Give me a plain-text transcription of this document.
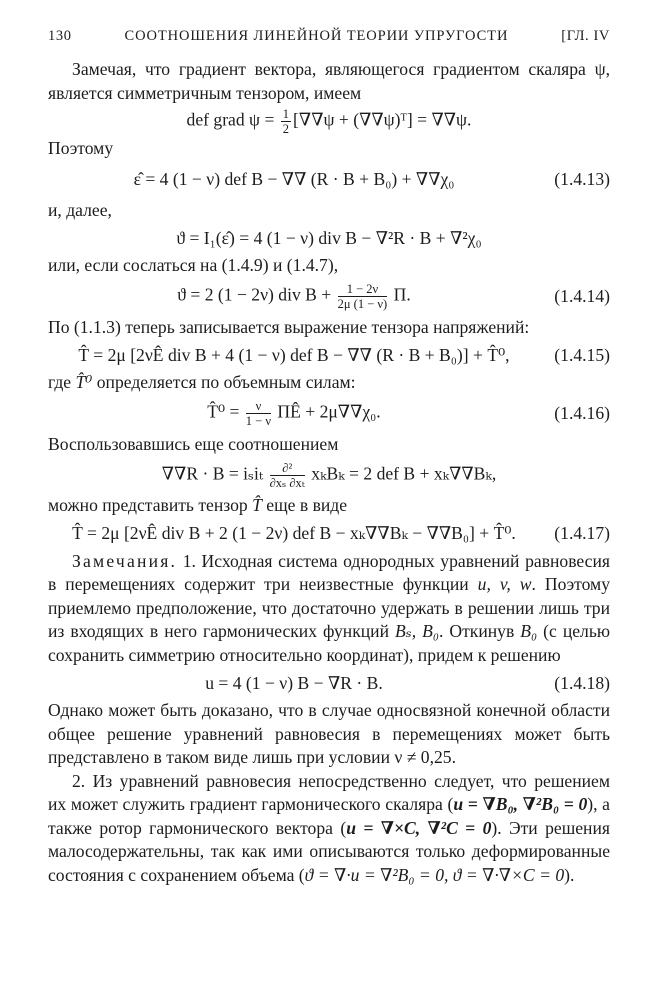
130	СООТНОШЕНИЯ ЛИНЕЙНОЙ ТЕОРИИ УПРУГОСТИ	[ГЛ. IV

Замечая, что градиент вектора, являющегося градиентом скаляра ψ, является симметричным тензором, имеем

def grad $\psi = \frac{1}{2} [\nabla\nabla\psi$ + (∇∇ψ)ᵀ] = ∇∇ψ.

Поэтому

ε̂ = 4 (1 − ν) def B − ∇∇ (R · B + B₀) + ∇∇χ₀	(1.4.13)

и, далее,

ϑ = I₁(ε̂) = 4 (1 − ν) div B − ∇²R · B + ∇²χ₀

или, если сослаться на (1.4.9) и (1.4.7),

ϑ = 2 (1 − 2ν) div $B + \frac{1 - 2\nu}{2\mu (1 - \nu)} \Pi$.	(1.4.14)

По (1.1.3) теперь записывается выражение тензора напряжений:

T̂ = 2μ [2νÊ div B + 4 (1 − ν) def B − ∇∇ (R · B + B₀)] + T̂⁰,	(1.4.15)

где T̂⁰ определяется по объемным силам:

T̂⁰ = $\frac{\nu}{1 - \nu}$ ΠÊ + 2μ∇∇χ₀.	(1.4.16)

Воспользовавшись еще соотношением

∇∇R · B = iₛiₜ $\frac{\text{∂²}}{\text{∂xₛ ∂xₜ}}$ xₖBₖ = 2 def B + xₖ∇∇Bₖ,

можно представить тензор T̂ еще в виде

T̂ = 2μ [2νÊ div B + 2 (1 − 2ν) def B − xₖ∇∇Bₖ − ∇∇B₀] + T̂⁰.	(1.4.17)

Замечания. 1. Исходная система однородных уравнений равновесия в перемещениях содержит три неизвестные функции u, v, w. Поэтому приемлемо предположение, что достаточно удержать в решении лишь три из входящих в него гармонических функций Bₛ, B₀. Откинув B₀ (с целью сохранить симметрию относительно координат), придем к решению

u = 4 (1 − ν) B − ∇R · B.	(1.4.18)

Однако может быть доказано, что в случае односвязной конечной области общее решение уравнений равновесия в перемещениях может быть представлено в таком виде лишь при условии ν ≠ 0,25.

2. Из уравнений равновесия непосредственно следует, что решением их может служить градиент гармонического скаляра (u = ∇B₀, ∇²B₀ = 0), а также ротор гармонического вектора (u = ∇×C, ∇²C = 0). Эти решения малосодержательны, так как ими описываются только деформированные состояния с сохранением объема (ϑ = ∇·u = ∇²B₀ = 0, ϑ = ∇·∇×C = 0).
